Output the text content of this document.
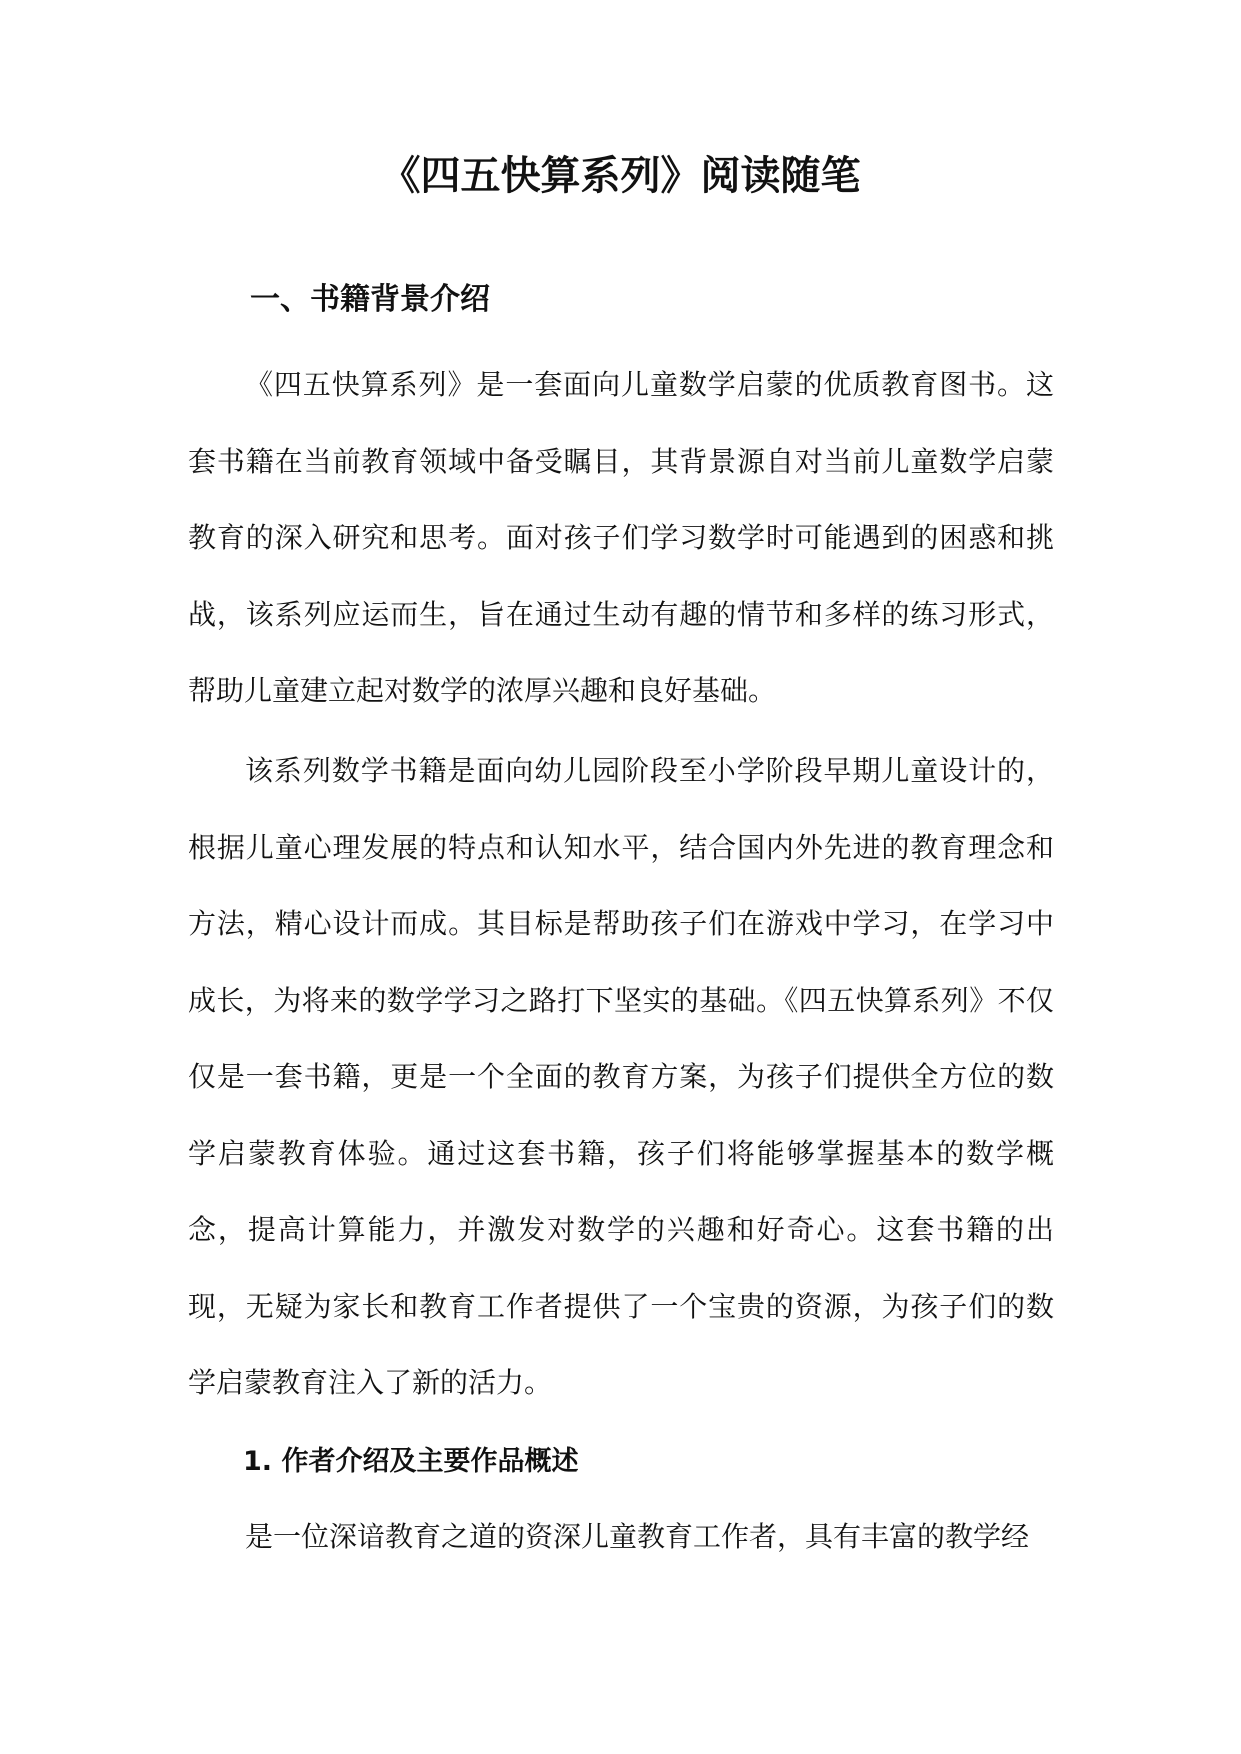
《四五快算系列》阅读随笔
一、书籍背景介绍

《四五快算系列》是一套面向儿童数学启蒙的优质教育图书。这套书籍在当前教育领域中备受瞩目，其背景源自对当前儿童数学启蒙教育的深入研究和思考。面对孩子们学习数学时可能遇到的困惑和挑战，该系列应运而生，旨在通过生动有趣的情节和多样的练习形式，帮助儿童建立起对数学的浓厚兴趣和良好基础。

该系列数学书籍是面向幼儿园阶段至小学阶段早期儿童设计的，根据儿童心理发展的特点和认知水平，结合国内外先进的教育理念和方法，精心设计而成。其目标是帮助孩子们在游戏中学习，在学习中成长，为将来的数学学习之路打下坚实的基础。《四五快算系列》不仅仅是一套书籍，更是一个全面的教育方案，为孩子们提供全方位的数学启蒙教育体验。通过这套书籍，孩子们将能够掌握基本的数学概念，提高计算能力，并激发对数学的兴趣和好奇心。这套书籍的出现，无疑为家长和教育工作者提供了一个宝贵的资源，为孩子们的数学启蒙教育注入了新的活力。

1. 作者介绍及主要作品概述

是一位深谙教育之道的资深儿童教育工作者，具有丰富的教学经
